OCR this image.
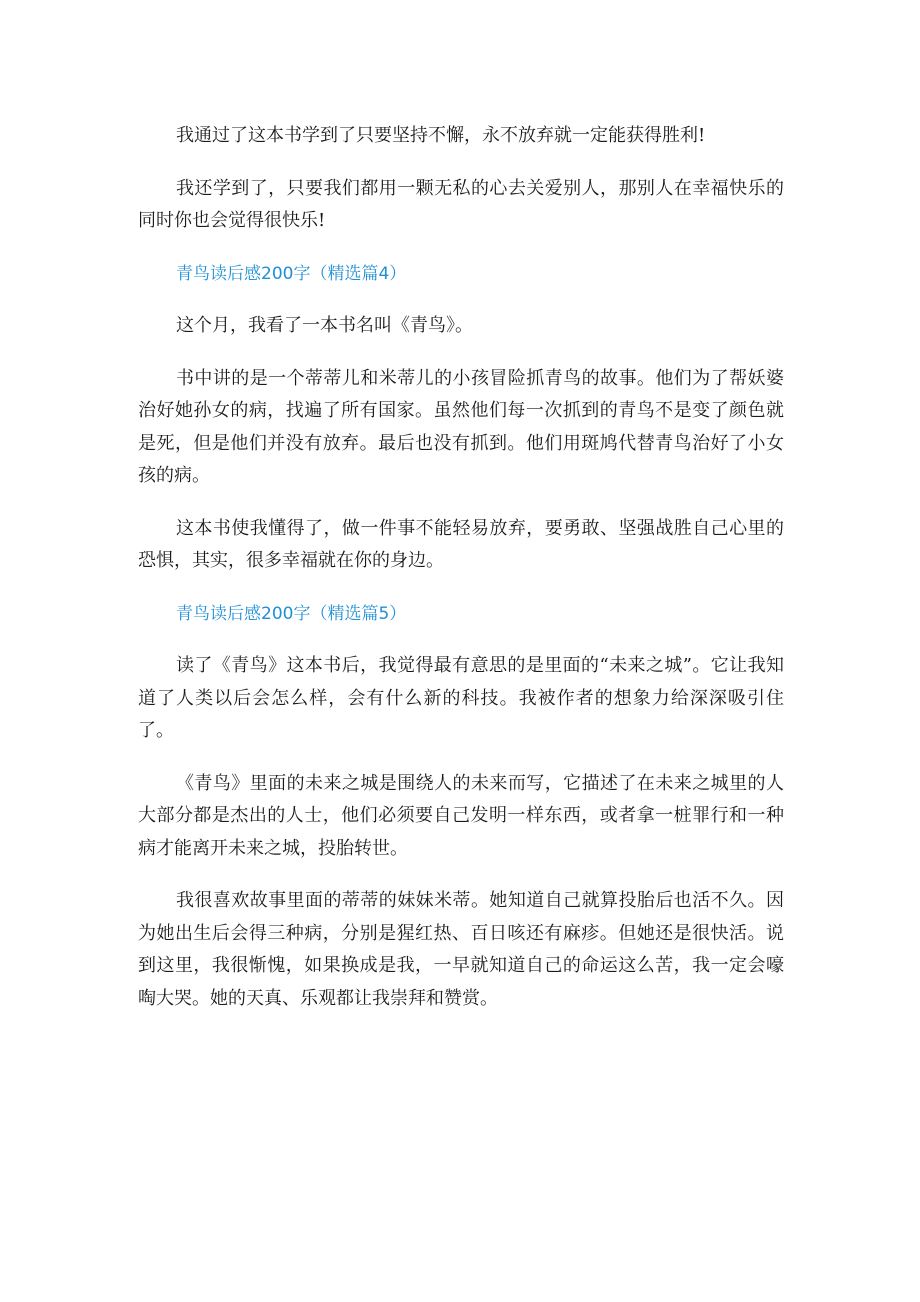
我通过了这本书学到了只要坚持不懈，永不放弃就一定能获得胜利!

我还学到了，只要我们都用一颗无私的心去关爱别人，那别人在幸福快乐的同时你也会觉得很快乐!

青鸟读后感200字（精选篇4）

这个月，我看了一本书名叫《青鸟》。

书中讲的是一个蒂蒂儿和米蒂儿的小孩冒险抓青鸟的故事。他们为了帮妖婆治好她孙女的病，找遍了所有国家。虽然他们每一次抓到的青鸟不是变了颜色就是死，但是他们并没有放弃。最后也没有抓到。他们用斑鸠代替青鸟治好了小女孩的病。

这本书使我懂得了，做一件事不能轻易放弃，要勇敢、坚强战胜自己心里的恐惧，其实，很多幸福就在你的身边。

青鸟读后感200字（精选篇5）

读了《青鸟》这本书后，我觉得最有意思的是里面的“未来之城”。它让我知道了人类以后会怎么样，会有什么新的科技。我被作者的想象力给深深吸引住了。

《青鸟》里面的未来之城是围绕人的未来而写，它描述了在未来之城里的人大部分都是杰出的人士，他们必须要自己发明一样东西，或者拿一桩罪行和一种病才能离开未来之城，投胎转世。

我很喜欢故事里面的蒂蒂的妹妹米蒂。她知道自己就算投胎后也活不久。因为她出生后会得三种病，分别是猩红热、百日咳还有麻疹。但她还是很快活。说到这里，我很惭愧，如果换成是我，一早就知道自己的命运这么苦，我一定会嚎啕大哭。她的天真、乐观都让我崇拜和赞赏。
